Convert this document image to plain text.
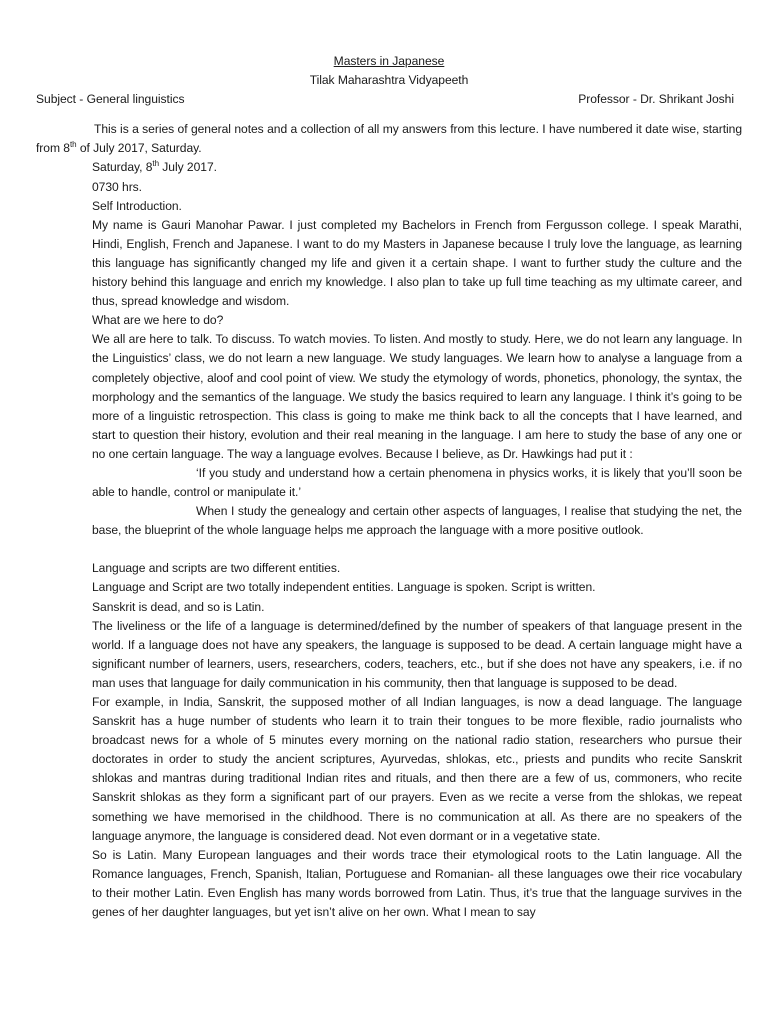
Masters in Japanese
Tilak Maharashtra Vidyapeeth
Subject - General linguistics	Professor - Dr. Shrikant Joshi

This is a series of general notes and a collection of all my answers from this lecture. I have numbered it date wise, starting from 8th of July 2017, Saturday.

Saturday, 8th July 2017.
0730 hrs.
Self Introduction.

My name is Gauri Manohar Pawar. I just completed my Bachelors in French from Fergusson college. I speak Marathi, Hindi, English, French and Japanese. I want to do my Masters in Japanese because I truly love the language, as learning this language has significantly changed my life and given it a certain shape. I want to further study the culture and the history behind this language and enrich my knowledge. I also plan to take up full time teaching as my ultimate career, and thus, spread knowledge and wisdom.

What are we here to do?

We all are here to talk. To discuss. To watch movies. To listen. And mostly to study. Here, we do not learn any language. In the Linguistics’ class, we do not learn a new language. We study languages. We learn how to analyse a language from a completely objective, aloof and cool point of view. We study the etymology of words, phonetics, phonology, the syntax, the morphology and the semantics of the language. We study the basics required to learn any language. I think it’s going to be more of a linguistic retrospection. This class is going to make me think back to all the concepts that I have learned, and start to question their history, evolution and their real meaning in the language. I am here to study the base of any one or no one certain language. The way a language evolves. Because I believe, as Dr. Hawkings had put it :

‘If you study and understand how a certain phenomena in physics works, it is likely that you’ll soon be able to handle, control or manipulate it.’

When I study the genealogy and certain other aspects of languages, I realise that studying the net, the base, the blueprint of the whole language helps me approach the language with a more positive outlook.

Language and scripts are two different entities.
Language and Script are two totally independent entities. Language is spoken. Script is written.
Sanskrit is dead, and so is Latin.

The liveliness or the life of a language is determined/defined by the number of speakers of that language present in the world. If a language does not have any speakers, the language is supposed to be dead. A certain language might have a significant number of learners, users, researchers, coders, teachers, etc., but if she does not have any speakers, i.e. if no man uses that language for daily communication in his community, then that language is supposed to be dead.

For example, in India, Sanskrit, the supposed mother of all Indian languages, is now a dead language. The language Sanskrit has a huge number of students who learn it to train their tongues to be more flexible, radio journalists who broadcast news for a whole of 5 minutes every morning on the national radio station, researchers who pursue their doctorates in order to study the ancient scriptures, Ayurvedas, shlokas, etc., priests and pundits who recite Sanskrit shlokas and mantras during traditional Indian rites and rituals, and then there are a few of us, commoners, who recite Sanskrit shlokas as they form a significant part of our prayers. Even as we recite a verse from the shlokas, we repeat something we have memorised in the childhood. There is no communication at all. As there are no speakers of the language anymore, the language is considered dead. Not even dormant or in a vegetative state.

So is Latin. Many European languages and their words trace their etymological roots to the Latin language. All the Romance languages, French, Spanish, Italian, Portuguese and Romanian- all these languages owe their rice vocabulary to their mother Latin. Even English has many words borrowed from Latin. Thus, it’s true that the language survives in the genes of her daughter languages, but yet isn’t alive on her own. What I mean to say
